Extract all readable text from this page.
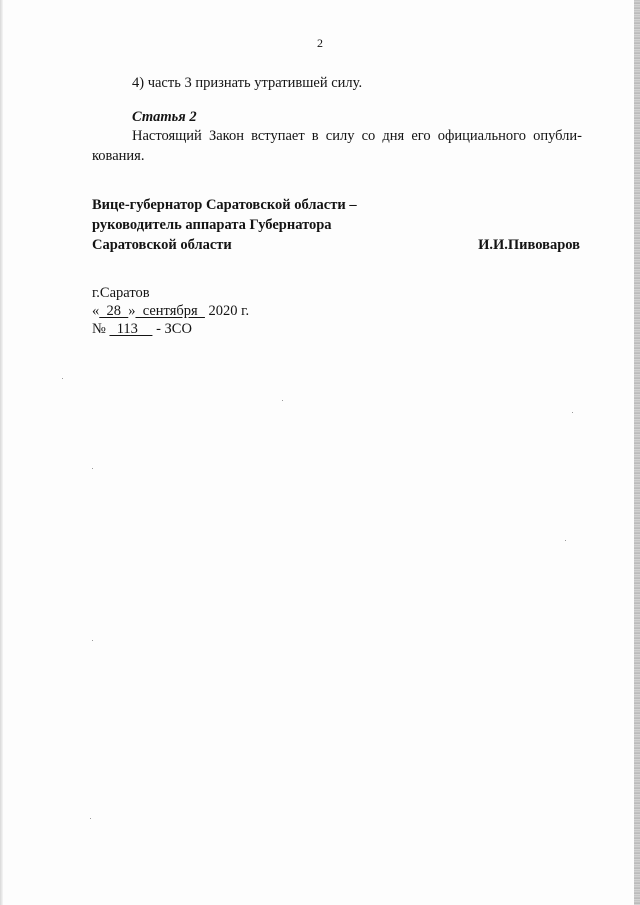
2
4) часть 3 признать утратившей силу.
Статья 2
Настоящий Закон вступает в силу со дня его официального опубликования.
Вице-губернатор Саратовской области –
руководитель аппарата Губернатора
Саратовской области	И.И.Пивоваров
г.Саратов
«  28  »  сентября   2020 г.
№   113     - ЗСО
